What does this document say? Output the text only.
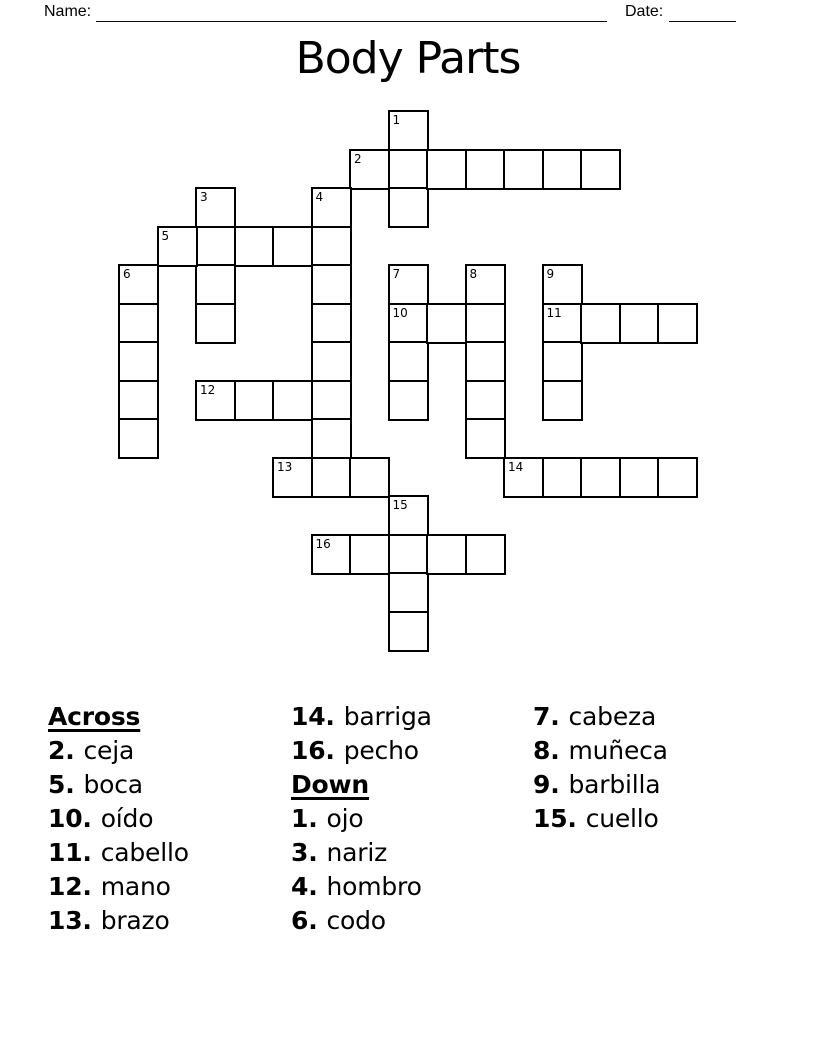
Name:	Date:
Body Parts
1
2
3	4
5
6	7
10
8	9
11
12
13	14
15
16
Across
2. ceja
5. boca
10. oído
11. cabello
12. mano
13. brazo
14. barriga
16. pecho
Down
1. ojo
3. nariz
4. hombro
6. codo
7. cabeza
8. muñeca
9. barbilla
15. cuello
